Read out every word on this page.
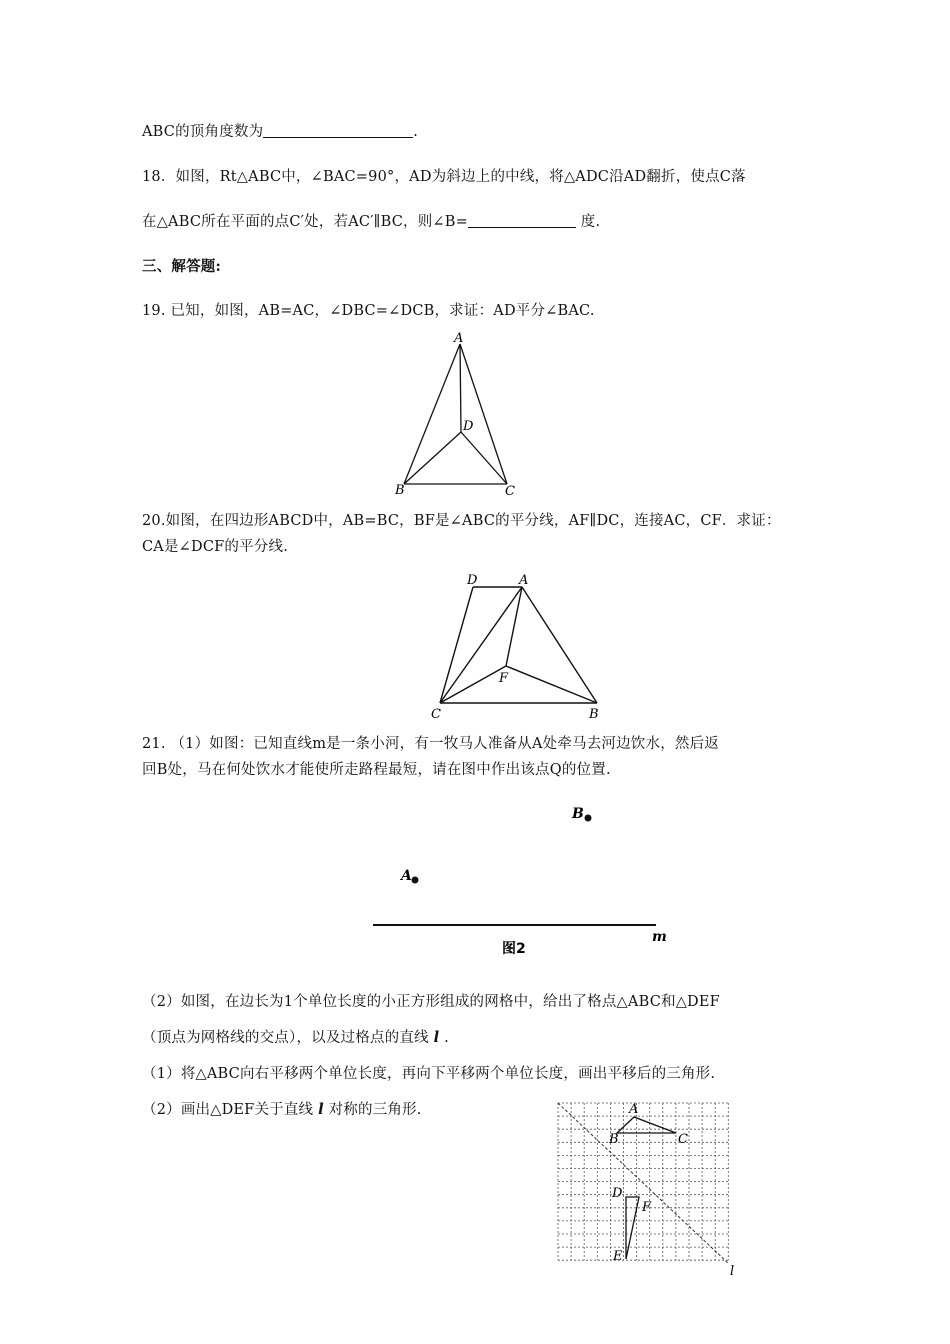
ABC的顶角度数为	.
18．如图，Rt△ABC中，∠BAC=90°，AD为斜边上的中线，将△ADC沿AD翻折，使点C落
在△ABC所在平面的点C′处，若AC′∥BC，则∠B=	度.
三、解答题:
19. 已知，如图，AB=AC，∠DBC=∠DCB，求证：AD平分∠BAC.
A
B	C
D
20.如图，在四边形ABCD中，AB=BC，BF是∠ABC的平分线，AF∥DC，连接AC，CF．求证：
CA是∠DCF的平分线.
D	A
F
C	B
21. （1）如图：已知直线m是一条小河，有一牧马人准备从A处牵马去河边饮水，然后返
回B处，马在何处饮水才能使所走路程最短，请在图中作出该点Q的位置.
A
B
m
图2
（2）如图，在边长为1个单位长度的小正方形组成的网格中，给出了格点△ABC和△DEF
（顶点为网格线的交点），以及过格点的直线 l .
（1）将△ABC向右平移两个单位长度，再向下平移两个单位长度，画出平移后的三角形.
（2）画出△DEF关于直线 l 对称的三角形.	A
B	C
D
F
E
l
